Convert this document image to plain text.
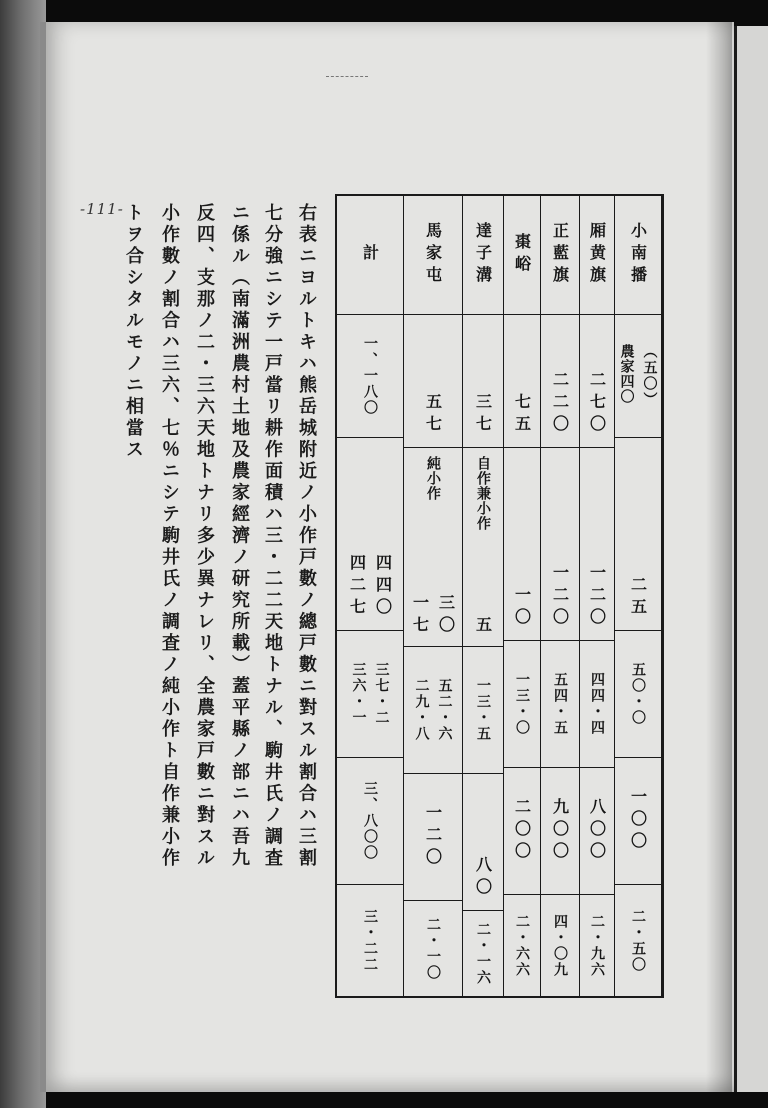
-111-	右表ニヨルトキハ熊岳城附近ノ小作戸數ノ總戸數ニ對スル割合ハ三割
七分強ニシテ一戸當リ耕作面積ハ三・二二天地トナル、駒井氏ノ調査
ニ係ル（南滿洲農村土地及農家經濟ノ研究所載）蓋平縣ノ部ニハ吾九
反四、支那ノ二・三六天地トナリ多少異ナレリ、全農家戸數ニ對スル
小作數ノ割合ハ三六、七％ニシテ駒井氏ノ調査ノ純小作ト自作兼小作
トヲ合シタルモノニ相當ス	小南播
（五〇）
農家四〇
二五
五〇・〇
一〇〇
二・五〇
厢黄旗
二七〇
一二〇
四四・四
八〇〇
二・九六
正藍旗
二二〇
一二〇
五四・五
九〇〇
四・〇九
棗峪
七五
一〇
一三・〇
二〇〇
二・六六
達子溝
三七
自作兼小作
五
一三・五
八〇
二・一六
馬家屯
五七
純小作
三〇
一七
五二・六
二九・八
一二〇
二・一〇
計
一、一八〇
四四〇
四二七
三七・二
三六・一
三、八〇〇
三・二二
